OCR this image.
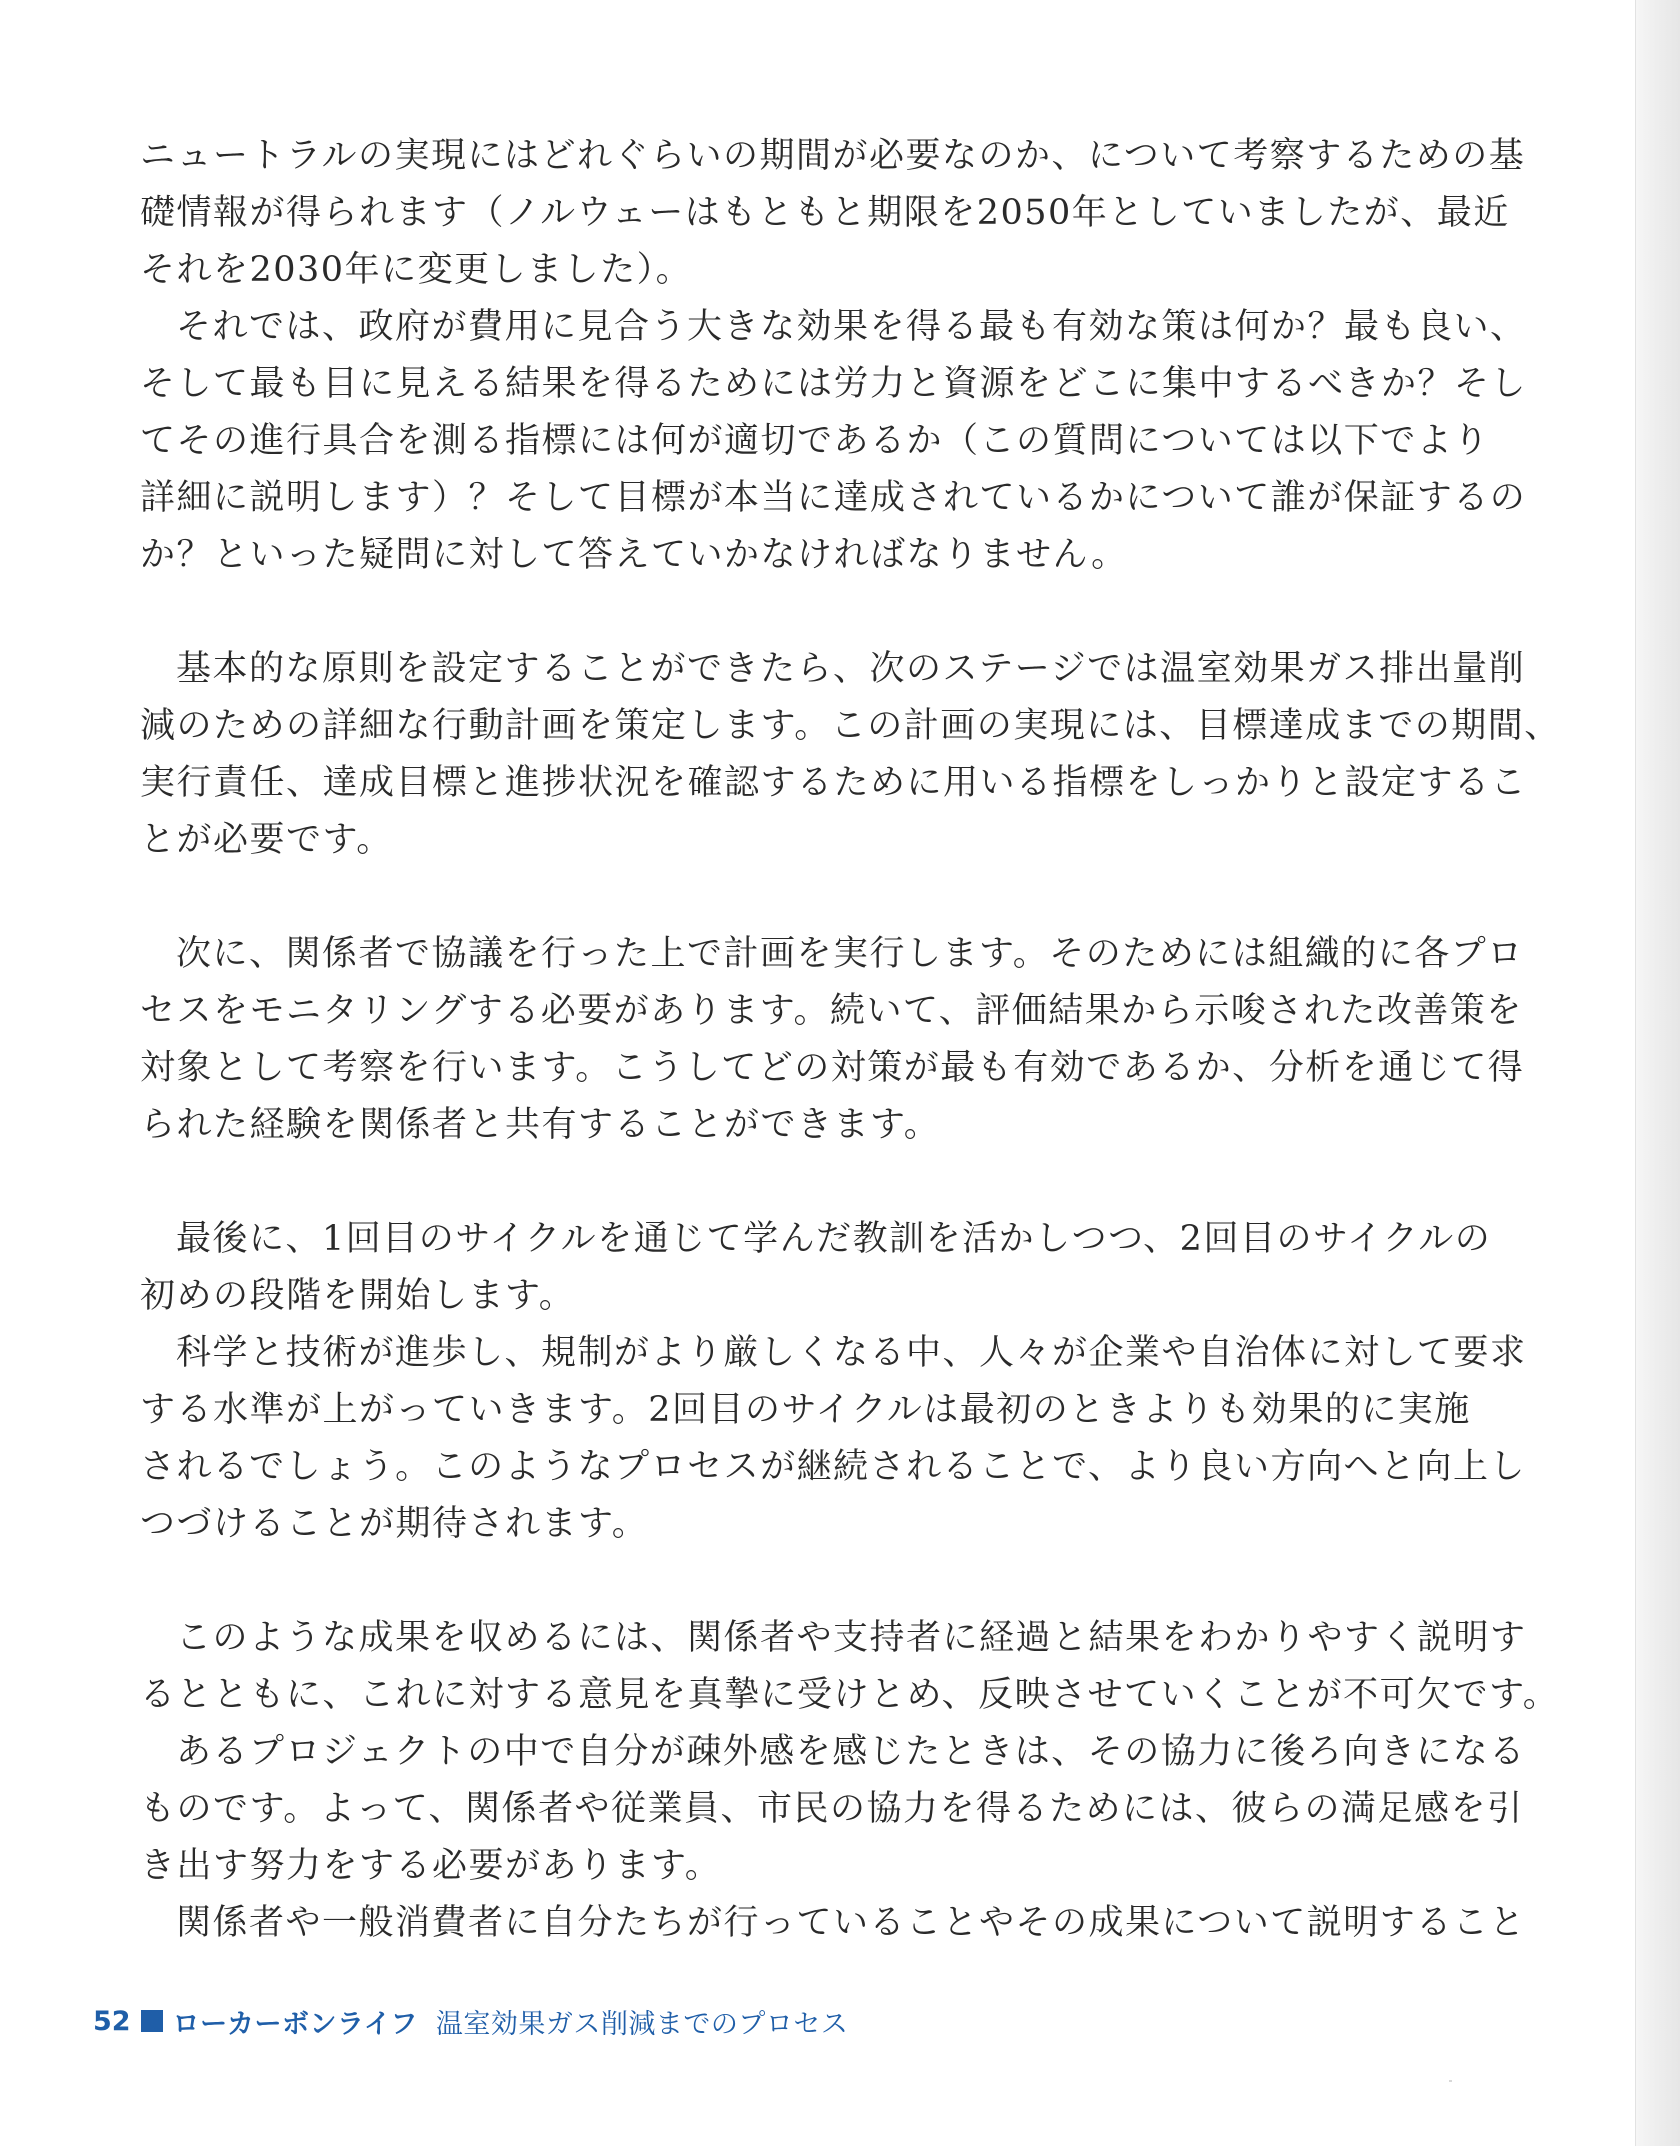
ニュートラルの実現にはどれぐらいの期間が必要なのか、について考察するための基
礎情報が得られます（ノルウェーはもともと期限を2050年としていましたが、最近
それを2030年に変更しました）。
それでは、政府が費用に見合う大きな効果を得る最も有効な策は何か？最も良い、
そして最も目に見える結果を得るためには労力と資源をどこに集中するべきか？そし
てその進行具合を測る指標には何が適切であるか（この質問については以下でより
詳細に説明します）？そして目標が本当に達成されているかについて誰が保証するの
か？といった疑問に対して答えていかなければなりません。
基本的な原則を設定することができたら、次のステージでは温室効果ガス排出量削
減のための詳細な行動計画を策定します。この計画の実現には、目標達成までの期間、
実行責任、達成目標と進捗状況を確認するために用いる指標をしっかりと設定するこ
とが必要です。
次に、関係者で協議を行った上で計画を実行します。そのためには組織的に各プロ
セスをモニタリングする必要があります。続いて、評価結果から示唆された改善策を
対象として考察を行います。こうしてどの対策が最も有効であるか、分析を通じて得
られた経験を関係者と共有することができます。
最後に、1回目のサイクルを通じて学んだ教訓を活かしつつ、2回目のサイクルの
初めの段階を開始します。
科学と技術が進歩し、規制がより厳しくなる中、人々が企業や自治体に対して要求
する水準が上がっていきます。2回目のサイクルは最初のときよりも効果的に実施
されるでしょう。このようなプロセスが継続されることで、より良い方向へと向上し
つづけることが期待されます。
このような成果を収めるには、関係者や支持者に経過と結果をわかりやすく説明す
るとともに、これに対する意見を真摯に受けとめ、反映させていくことが不可欠です。
あるプロジェクトの中で自分が疎外感を感じたときは、その協力に後ろ向きになる
ものです。よって、関係者や従業員、市民の協力を得るためには、彼らの満足感を引
き出す努力をする必要があります。
関係者や一般消費者に自分たちが行っていることやその成果について説明すること
52 ローカーボンライフ 温室効果ガス削減までのプロセス
